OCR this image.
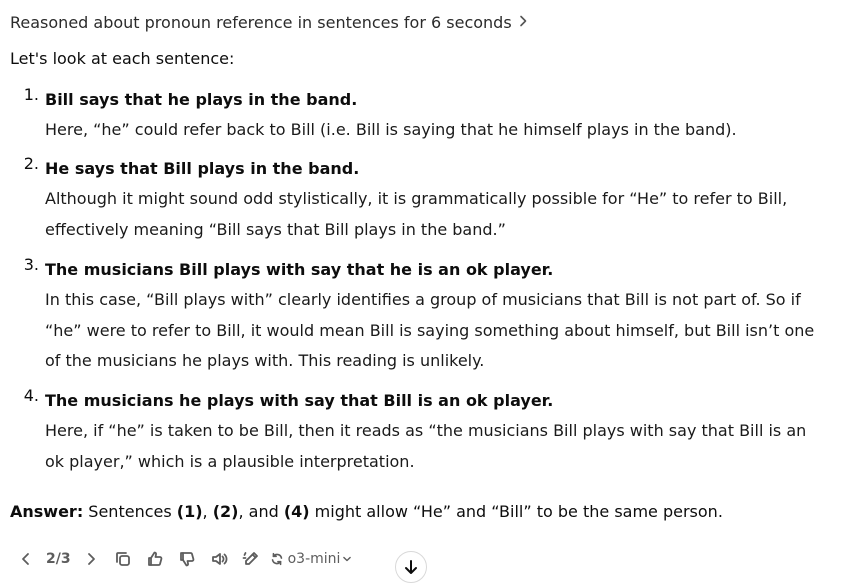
Reasoned about pronoun reference in sentences for 6 seconds
Let's look at each sentence:
1. Bill says that he plays in the band.
Here, “he” could refer back to Bill (i.e. Bill is saying that he himself plays in the band).
2. He says that Bill plays in the band.
Although it might sound odd stylistically, it is grammatically possible for “He” to refer to Bill, effectively meaning “Bill says that Bill plays in the band.”
3. The musicians Bill plays with say that he is an ok player.
In this case, “Bill plays with” clearly identifies a group of musicians that Bill is not part of. So if “he” were to refer to Bill, it would mean Bill is saying something about himself, but Bill isn’t one of the musicians he plays with. This reading is unlikely.
4. The musicians he plays with say that Bill is an ok player.
Here, if “he” is taken to be Bill, then it reads as “the musicians Bill plays with say that Bill is an ok player,” which is a plausible interpretation.
Answer: Sentences (1), (2), and (4) might allow “He” and “Bill” to be the same person.
2/3	o3-mini
